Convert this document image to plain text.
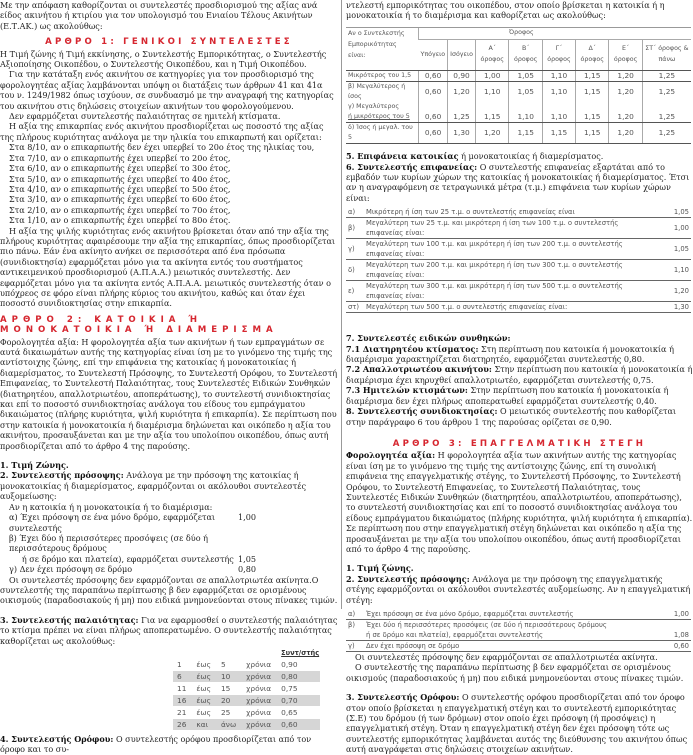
Με την απόφαση καθορίζονται οι συντελεστές προσδιορισμού της αξίας ανά είδος ακινήτου ή κτιρίου για τον υπολογισμό του Ενιαίου Τέλους Ακινήτων (Ε.Τ.ΑΚ.) ως ακολούθως:

ΑΡΘΡΟ 1: ΓΕΝΙΚΟΙ ΣΥΝΤΕΛΕΣΤΕΣ

Η Τιμή ζώνης ή Τιμή εκκίνησης, ο Συντελεστής Εμπορικότητας, ο Συντελεστής Αξιοποίησης Οικοπέδου, ο Συντελεστής Οικοπέδου, και η Τιμή Οικοπέδου.

Για την κατάταξη ενός ακινήτου σε κατηγορίες για τον προσδιορισμό της φορολογητέας αξίας λαμβάνονται υπόψη οι διατάξεις των άρθρων 41 και 41α του ν. 1249/1982 όπως ισχύουν, σε συνδυασμό με την αναγραφή της κατηγορίας του ακινήτου στις δηλώσεις στοιχείων ακινήτων του φορολογούμενου.

Δεν εφαρμόζεται συντελεστής παλαιότητας σε ημιτελή κτίσματα.

Η αξία της επικαρπίας ενός ακινήτου προσδιορίζεται ως ποσοστό της αξίας της πλήρους κυριότητας ανάλογα με την ηλικία του επικαρπωτή και ορίζεται:

Στα 8/10, αν ο επικαρπωτής δεν έχει υπερβεί το 20ο έτος της ηλικίας του,

Στα 7/10, αν ο επικαρπωτής έχει υπερβεί το 20ο έτος,

Στα 6/10, αν ο επικαρπωτής έχει υπερβεί το 30ο έτος,

Στα 5/10, αν ο επικαρπωτής έχει υπερβεί το 40ο έτος,

Στα 4/10, αν ο επικαρπωτής έχει υπερβεί το 50ο έτος,

Στα 3/10, αν ο επικαρπωτής έχει υπερβεί το 60ο έτος,

Στα 2/10, αν ο επικαρπωτής έχει υπερβεί το 70ο έτος,

Στα 1/10, αν ο επικαρπωτής έχει υπερβεί το 80ο έτος.

Η αξία της ψιλής κυριότητας ενός ακινήτου βρίσκεται όταν από την αξία της πλήρους κυριότητας αφαιρέσουμε την αξία της επικαρπίας, όπως προσδιορίζεται πιο πάνω. Εάν ένα ακίνητο ανήκει σε περισσότερα από ένα πρόσωπα (συνιδιοκτησία) εφαρμόζεται μόνο για τα ακίνητα εντός του συστήματος αντικειμενικού προσδιορισμού (Α.Π.Α.Α.) μειωτικός συντελεστής. Δεν εφαρμόζεται μόνο για τα ακίνητα εντός Α.Π.Α.Α. μειωτικός συντελεστής όταν ο υπόχρεος σε φόρο είναι πλήρης κύριος του ακινήτου, καθώς και όταν έχει ποσοστό συνιδιοκτησίας στην επικαρπία.

ΑΡΘΡΟ 2: ΚΑΤΟΙΚΙΑ Ή ΜΟΝΟΚΑΤΟΙΚΙΑ Ή ΔΙΑΜΕΡΙΣΜΑ

Φορολογητέα αξία: Η φορολογητέα αξία των ακινήτων ή των εμπραγμάτων σε αυτά δικαιωμάτων αυτής της κατηγορίας είναι ίση με το γινόμενο της τιμής της αντίστοιχης ζώνης, επί την επιφάνεια της κατοικίας ή μονοκατοικίας ή διαμερίσματος, το Συντελεστή Πρόσοψης, το Συντελεστή Ορόφου, το Συντελεστή Επιφανείας, το Συντελεστή Παλαιότητας, τους Συντελεστές Ειδικών Συνθηκών (διατηρητέου, απαλλοτριωτέου, αποπεράτωσης), το συντελεστή συνιδιοκτησίας και επί το ποσοστό συνιδιοκτησίας ανάλογα του είδους του εμπράγματου δικαιώματος (πλήρης κυριότητα, ψιλή κυριότητα ή επικαρπία). Σε περίπτωση που στην κατοικία ή μονοκατοικία ή διαμέρισμα δηλώνεται και οικόπεδο η αξία του ακινήτου, προσαυξάνεται και με την αξία του υπολοίπου οικοπέδου, όπως αυτή προσδιορίζεται από το άρθρο 4 της παρούσης.

1. Τιμή Ζώνης.

2. Συντελεστής πρόσοψης: Ανάλογα με την πρόσοψη της κατοικίας ή μονοκατοικίας ή διαμερίσματος, εφαρμόζονται οι ακόλουθοι συντελεστές αυξομείωσης:

Αν η κατοικία ή η μονοκατοικία ή το διαμέρισμα:

α) Έχει πρόσοψη σε ένα μόνο δρόμο, εφαρμόζεται συντελεστής
1,00
β) Έχει δύο ή περισσότερες προσόψεις (σε δύο ή περισσότερους δρόμους
ή σε δρόμο και πλατεία), εφαρμόζεται συντελεστής 1,05
γ) Δεν έχει πρόσοψη σε δρόμο	0,80

Οι συντελεστές πρόσοψης δεν εφαρμόζονται σε απαλλοτριωτέα ακίνητα.Ο συντελεστής της παραπάνω περίπτωσης β δεν εφαρμόζεται σε ορισμένους οικισμούς (παραδοσιακούς ή μη) που ειδικά μνημονεύονται στους πίνακες τιμών.

3. Συντελεστής παλαιότητας: Για να εφαρμοσθεί ο συντελεστής παλαιότητας το κτίσμα πρέπει να είναι πλήρως αποπερατωμένο. Ο συντελεστής παλαιότητας καθορίζεται ως ακολούθως:

				Συντ/στής
1	έως	5	χρόνια	0,90
6	έως	10	χρόνια	0,80
11	έως	15	χρόνια	0,75
16	έως	20	χρόνια	0,70
21	έως	25	χρόνια	0,65
26	και	άνω	χρόνια	0,60

4. Συντελεστής Ορόφου: Ο συντελεστής ορόφου προσδιορίζεται από τον όροφο και το συ-

ντελεστή εμπορικότητας του οικοπέδου, στον οποίο βρίσκεται η κατοικία ή η μονοκατοικία ή το διαμέρισμα και καθορίζεται ως ακολούθως:

Αν ο Συντελεστής Εμπορικότητας είναι:	Όροφος							
	Υπόγειο	Ισόγειο	Α΄ όροφος	Β΄ όροφος	Γ΄ όροφος	Δ΄ όροφος	Ε΄ όροφος	ΣΤ΄ όροφος & πάνω

Μικρότερος του 1,5	0,60	0,90	1,00	1,05	1,10	1,15	1,20	1,25

β) Μεγαλύτερος ή ίσος	0,60	1,20	1,10	1,05	1,10	1,15	1,20	1,25

γ) Μεγαλύτερος
ή μικρότερος του 5	0,60	1,25	1,15	1,10	1,10	1,15	1,20	1,25

δ) Ίσος ή μεγαλ. του 5	0,60	1,30	1,20	1,15	1,15	1,15	1,20	1,25

5. Επιφάνεια κατοικίας ή μονοκατοικίας ή διαμερίσματος.

6. Συντελεστής επιφανείας: Ο συντελεστής επιφανείας εξαρτάται από το εμβαδόν των κυρίων χώρων της κατοικίας ή μονοκατοικίας ή διαμερίσματος. Έτσι αν η αναγραφόμενη σε τετραγωνικά μέτρα (τ.μ.) επιφάνεια των κυρίων χώρων είναι:

α)	Μικρότερη ή ίση των 25 τ.μ. ο συντελεστής επιφανείας είναι	1,05
β)	Μεγαλύτερη των 25 τ.μ. και μικρότερη ή ίση των 100 τ.μ. ο συντελεστής επιφανείας είναι:	1,00
γ)	Μεγαλύτερη των 100 τ.μ. και μικρότερη ή ίση των 200 τ.μ. ο συντελεστής επιφανείας είναι:	1,05
δ)	Μεγαλύτερη των 200 τ.μ. και μικρότερη ή ίση των 300 τ.μ. ο συντελεστής επιφανείας είναι:	1,10
ε)	Μεγαλύτερη των 300 τ.μ. και μικρότερη ή ίση των 500 τ.μ. ο συντελεστής επιφανείας είναι:	1,20
στ)	Μεγαλύτερη των 500 τ.μ. ο συντελεστής επιφανείας είναι:	1,30

7. Συντελεστές ειδικών συνθηκών:

7.1 Διατηρητέου κτίσματος: Στη περίπτωση που κατοικία ή μονοκατοικία ή διαμέρισμα χαρακτηρίζεται διατηρητέο, εφαρμόζεται συντελεστής 0,80.

7.2 Απαλλοτριωτέου ακινήτου: Στην περίπτωση που κατοικία ή μονοκατοικία ή διαμέρισμα έχει κηρυχθεί απαλλοτριωτέο, εφαρμόζεται συντελεστής 0,75.

7.3 Ημιτελών κτισμάτων: Στην περίπτωση που κατοικία ή μονοκατοικία ή διαμέρισμα δεν έχει πλήρως αποπερατωθεί εφαρμόζεται συντελεστής 0,40.

8. Συντελεστής συνιδιοκτησίας: Ο μειωτικός συντελεστής που καθορίζεται στην παράγραφο 6 του άρθρου 1 της παρούσας ορίζεται σε 0,90.

ΑΡΘΡΟ 3: ΕΠΑΓΓΕΛΜΑΤΙΚΗ ΣΤΕΓΗ

Φορολογητέα αξία: Η φορολογητέα αξία των ακινήτων αυτής της κατηγορίας είναι ίση με το γινόμενο της τιμής της αντίστοιχης ζώνης, επί τη συνολική επιφάνεια της επαγγελματικής στέγης, το Συντελεστή Πρόσοψης, το Συντελεστή Ορόφου, το Συντελεστή Επιφανείας, το Συντελεστή Παλαιότητας, τους Συντελεστές Ειδικών Συνθηκών (διατηρητέου, απαλλοτριωτέου, αποπεράτωσης), το συντελεστή συνιδιοκτησίας και επί το ποσοστό συνιδιοκτησίας ανάλογα του είδους εμπράγματου δικαιώματος (πλήρης κυριότητα, ψιλή κυριότητα ή επικαρπία). Σε περίπτωση που στην επαγγελματική στέγη δηλώνεται και οικόπεδο η αξία της προσαυξάνεται με την αξία του υπολοίπου οικοπέδου, όπως αυτή προσδιορίζεται από το άρθρο 4 της παρούσης.

1. Τιμή ζώνης.

2. Συντελεστής πρόσοψης: Ανάλογα με την πρόσοψη της επαγγελματικής στέγης εφαρμόζονται οι ακόλουθοι συντελεστές αυξομείωσης. Αν η επαγγελματική στέγη:

α)	Έχει πρόσοψη σε ένα μόνο δρόμο, εφαρμόζεται συντελεστής	1,00
β)	Έχει δύο ή περισσότερες προσόψεις (σε δύο ή περισσότερους δρόμους	
	ή σε δρόμο και πλατεία), εφαρμόζεται συντελεστής	1,08
γ)	Δεν έχει πρόσοψη σε δρόμο	0,60

Οι συντελεστές πρόσοψης δεν εφαρμόζονται σε απαλλοτριωτέα ακίνητα.

Ο συντελεστής της παραπάνω περίπτωσης β δεν εφαρμόζεται σε ορισμένους οικισμούς (παραδοσιακούς ή μη) που ειδικά μνημονεύονται στους πίνακες τιμών.

3. Συντελεστής Ορόφου: Ο συντελεστής ορόφου προσδιορίζεται από τον όροφο στον οποίο βρίσκεται η επαγγελματική στέγη και το συντελεστή εμπορικότητας (Σ.Ε) του δρόμου (ή των δρόμων) στον οποίο έχει πρόσοψη (ή προσόψεις) η επαγγελματική στέγη. Όταν η επαγγελματική στέγη δεν έχει πρόσοψη τότε ως συντελεστής εμπορικότητας λαμβάνεται αυτός της διεύθυνσης του ακινήτου όπως αυτή αναγράφεται στις δηλώσεις στοιχείων ακινήτων.
